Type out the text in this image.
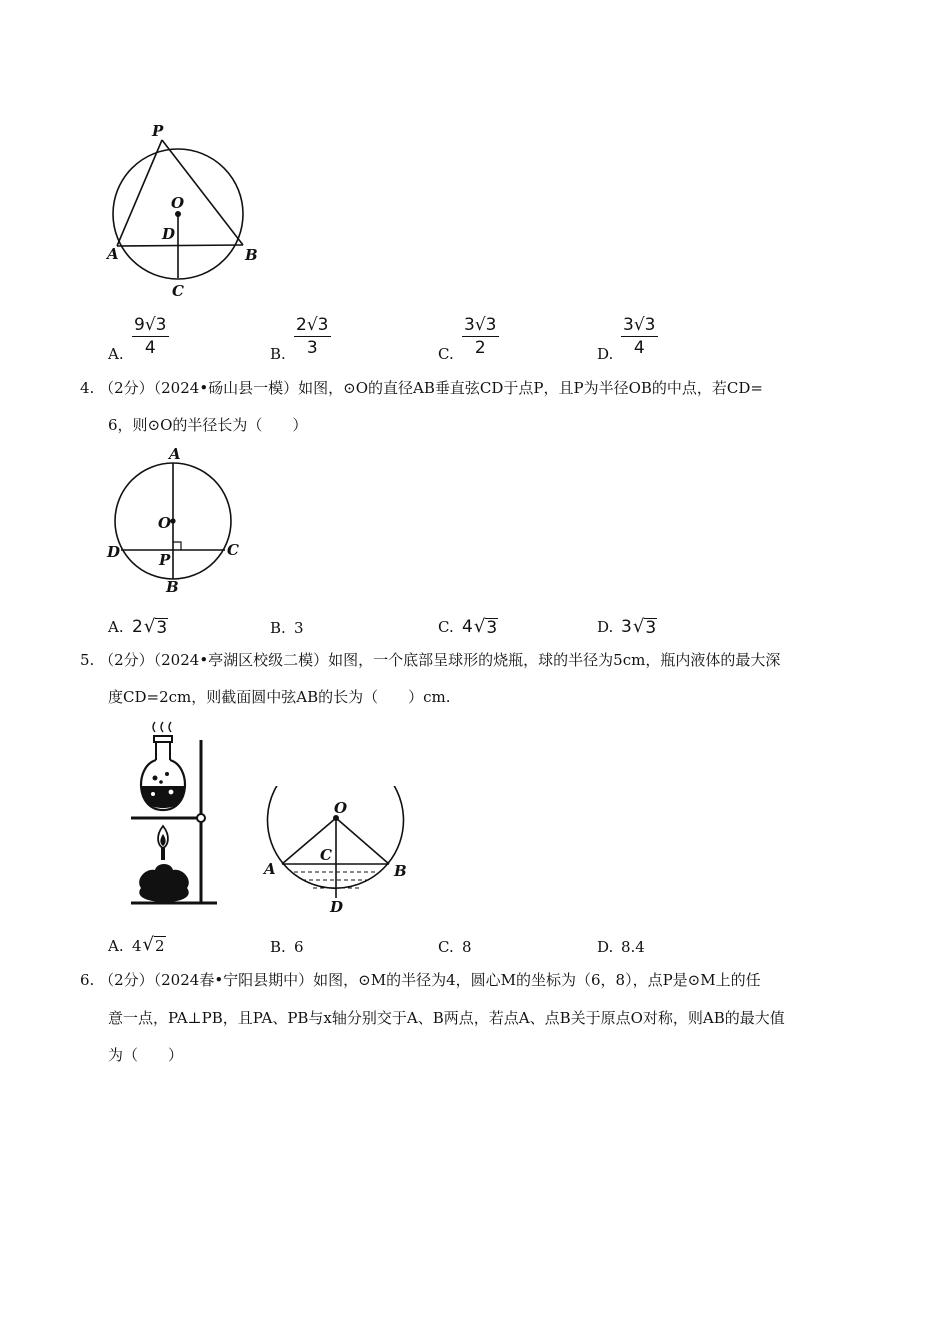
P
O
D
A	B
C
A.
9 √ 3
4	B.
2 √ 3
3	C.
3 √ 3
2	D.
3 √ 3
4
4. （2分）（2024•砀山县一模）如图，⊙O的直径AB垂直弦CD于点P，且P为半径OB的中点，若CD=
6，则⊙O的半径长为（　　）
A
O
D	P
C
B
A. 2 √ 3	B. 3	C. 4 √ 3	D. 3 √ 3
5. （2分）（2024•亭湖区校级二模）如图，一个底部呈球形的烧瓶，球的半径为5cm，瓶内液体的最大深
度CD=2cm，则截面圆中弦AB的长为（　　）cm.
O
C
A	B
D
A. 4 √ 2	B. 6	C. 8	D. 8.4
6. （2分）（2024春•宁阳县期中）如图，⊙M的半径为4，圆心M的坐标为（6，8），点P是⊙M上的任
意一点，PA⊥PB，且PA、PB与x轴分别交于A、B两点，若点A、点B关于原点O对称，则AB的最大值
为（　　）
